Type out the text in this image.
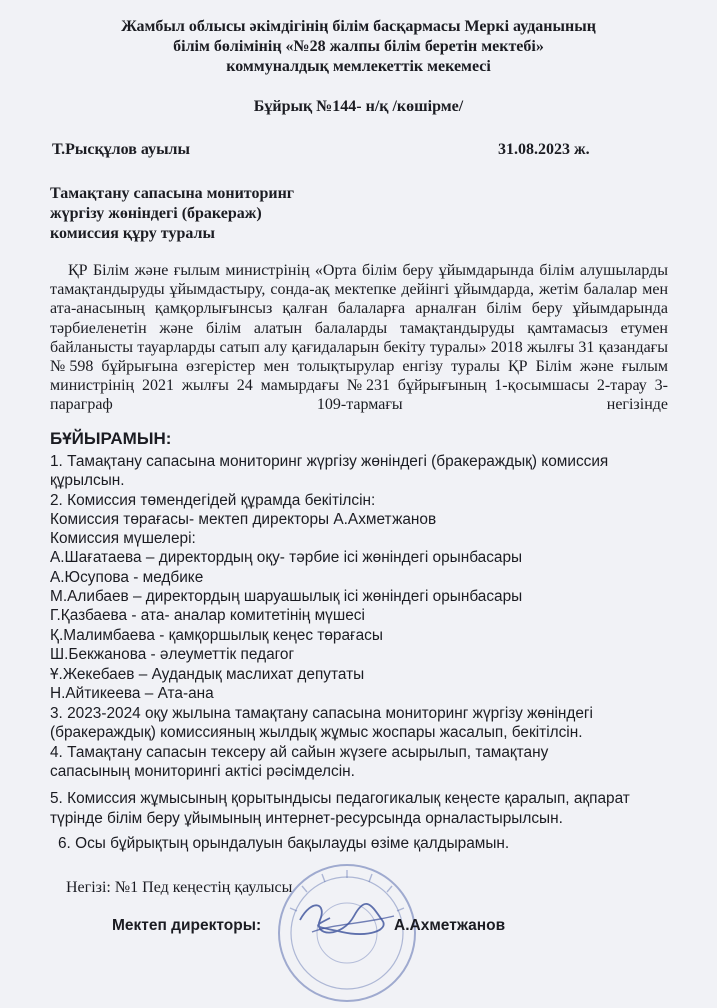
Жамбыл облысы әкімдігінің білім басқармасы Меркі ауданының
білім бөлімінің «№28 жалпы білім беретін мектебі»
коммуналдық мемлекеттік мекемесі
Бұйрық №144- н/қ /көшірме/
Т.Рысқұлов ауылы	31.08.2023 ж.
Тамақтану сапасына мониторинг
жүргізу жөніндегі (бракераж)
комиссия құру туралы
ҚР Білім және ғылым министрінің «Орта білім беру ұйымдарында білім алушыларды тамақтандыруды ұйымдастыру, сонда-ақ мектепке дейінгі ұйымдарда, жетім балалар мен ата-анасының қамқорлығынсыз қалған балаларға арналған білім беру ұйымдарында тәрбиеленетін және білім алатын балаларды тамақтандыруды қамтамасыз етумен байланысты тауарларды сатып алу қағидаларын бекіту туралы» 2018 жылғы 31 қазандағы №598 бұйрығына өзгерістер мен толықтырулар енгізу туралы ҚР Білім және ғылым министрінің 2021 жылғы 24 мамырдағы №231 бұйрығының 1-қосымшасы 2-тарау 3-параграф 109-тармағы негізінде
БҰЙЫРАМЫН:
1. Тамақтану сапасына мониторинг жүргізу жөніндегі (бракераждық) комиссия
құрылсын.
2. Комиссия төмендегідей құрамда бекітілсін:
Комиссия төрағасы- мектеп директоры А.Ахметжанов
Комиссия мүшелері:
А.Шағатаева – директордың оқу- тәрбие ісі жөніндегі орынбасары
А.Юсупова - медбике
М.Алибаев – директордың шаруашылық ісі жөніндегі орынбасары
Г.Қазбаева - ата- аналар комитетінің мүшесі
Қ.Малимбаева - қамқоршылық кеңес төрағасы
Ш.Бекжанова - әлеуметтік педагог
Ұ.Жекебаев – Аудандық маслихат депутаты
Н.Айтикеева – Ата-ана
3. 2023-2024 оқу жылына тамақтану сапасына мониторинг жүргізу жөніндегі
(бракераждық) комиссияның жылдық жұмыс жоспары жасалып, бекітілсін.
4. Тамақтану сапасын тексеру ай сайын жүзеге асырылып, тамақтану
сапасының мониторингі актісі рәсімделсін.
5. Комиссия жұмысының қорытындысы педагогикалық кеңесте қаралып, ақпарат
түрінде білім беру ұйымының интернет-ресурсында орналастырылсын.
6. Осы бұйрықтың орындалуын бақылауды өзіме қалдырамын.
Негізі: №1 Пед кеңестің қаулысы
Мектеп директоры:	А.Ахметжанов
